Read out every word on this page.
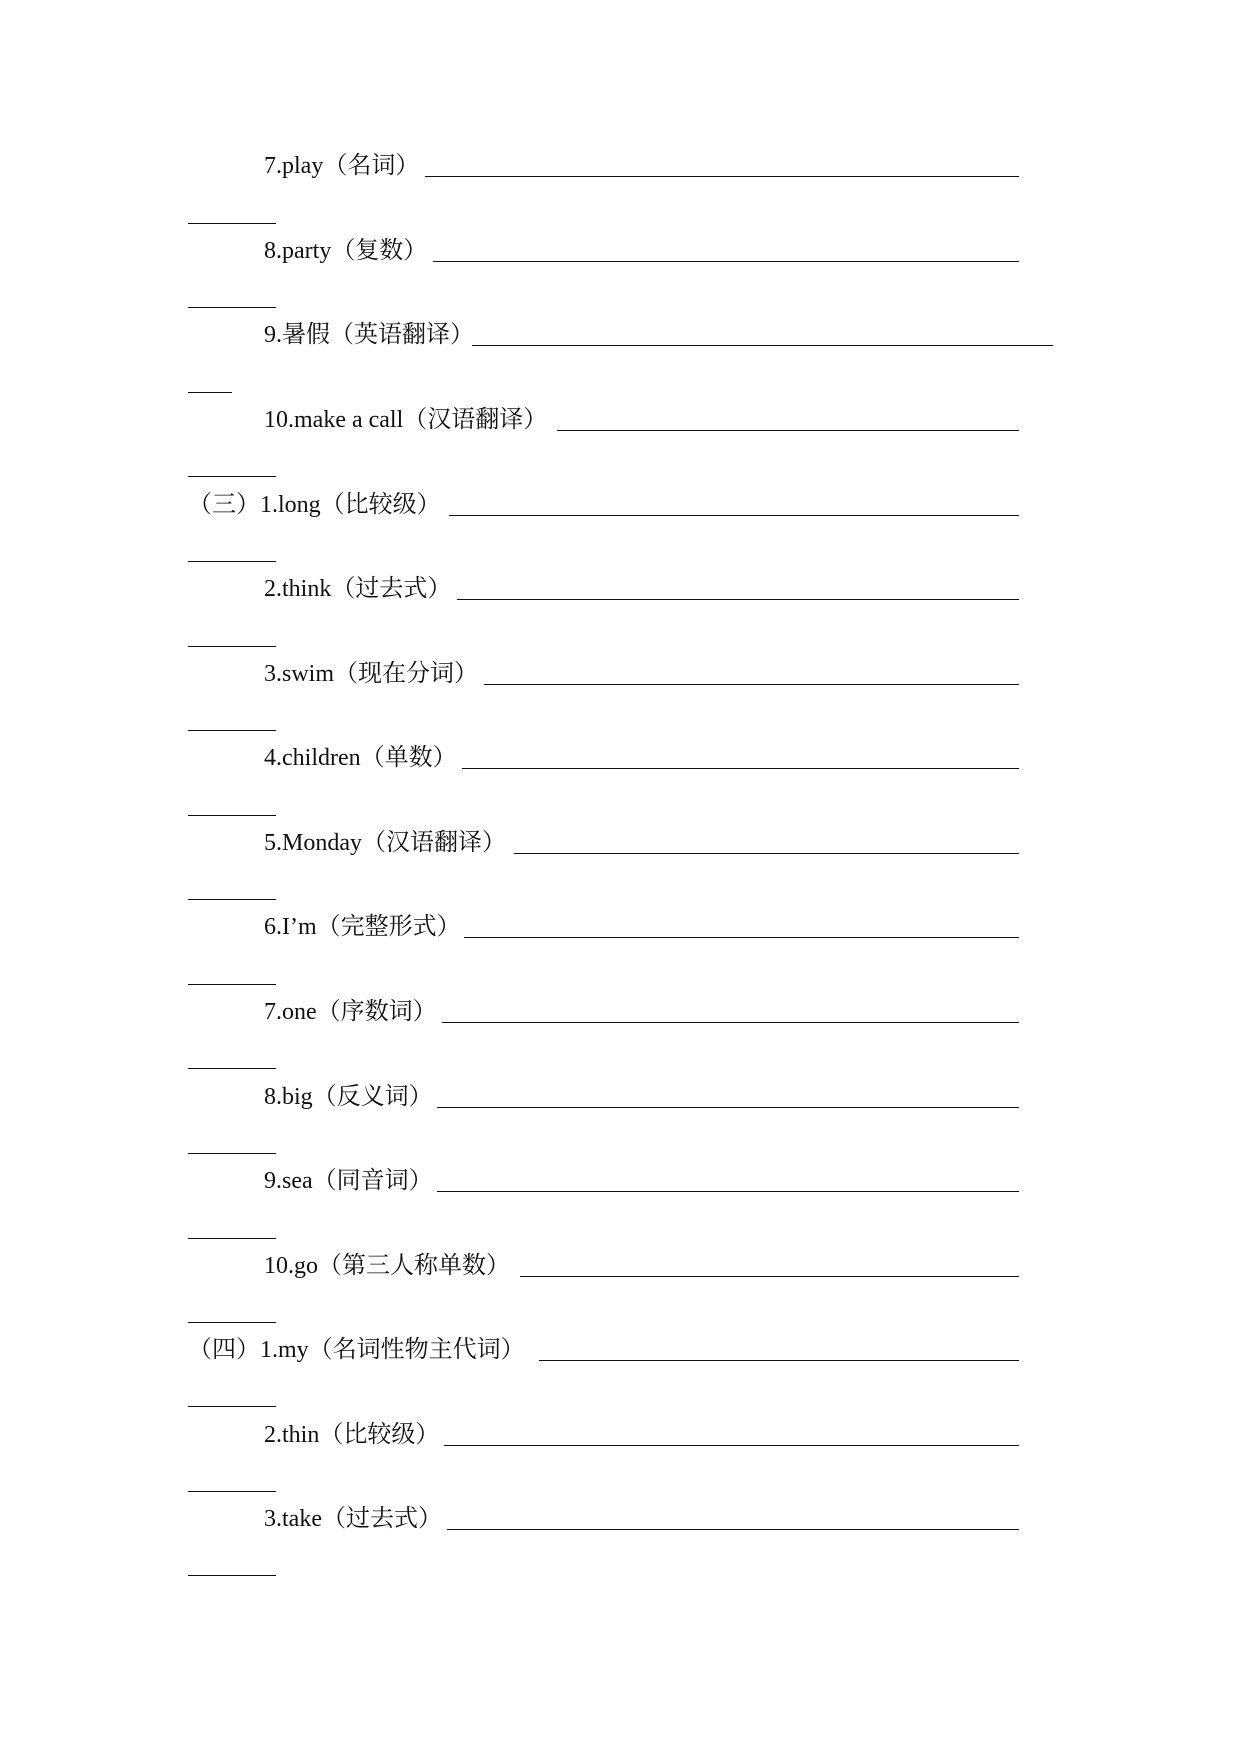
7.play（名词）
8.party（复数）
9.暑假（英语翻译）
10.make a call（汉语翻译）
（三）1.long（比较级）
2.think（过去式）
3.swim（现在分词）
4.children（单数）
5.Monday（汉语翻译）
6.I’m（完整形式）
7.one（序数词）
8.big（反义词）
9.sea（同音词）
10.go（第三人称单数）
（四）1.my（名词性物主代词）
2.thin（比较级）
3.take（过去式）
